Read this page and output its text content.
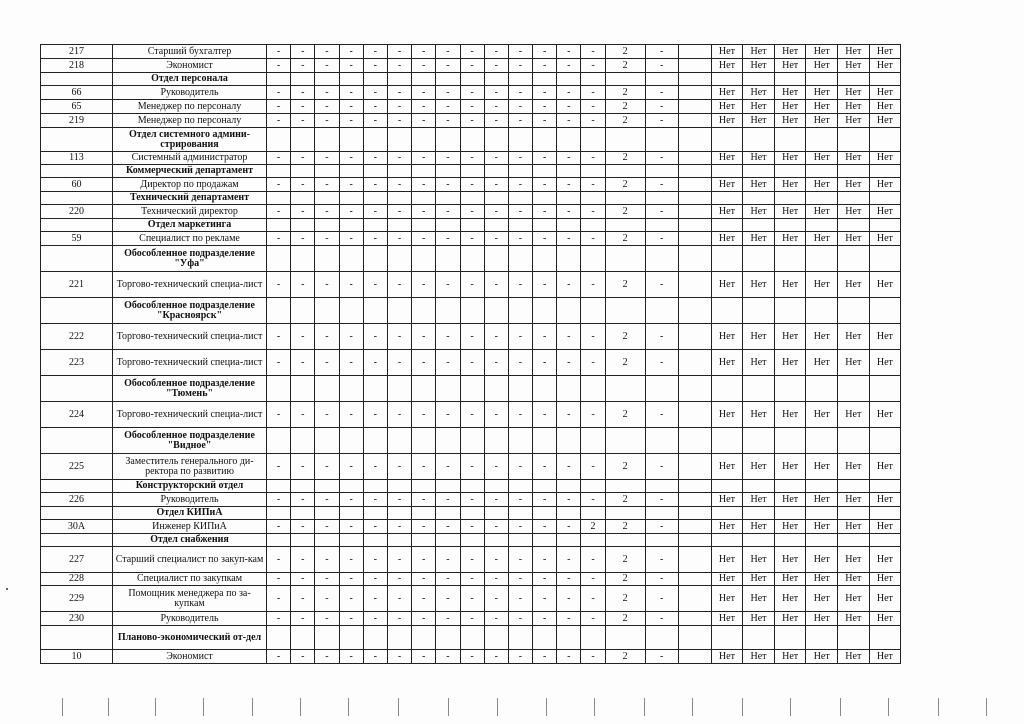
217	Старший бухгалтер	-	-	-	-	-	-	-	-	-	-	-	-	-	-	2	-		Нет	Нет	Нет	Нет	Нет	Нет
218	Экономист	-	-	-	-	-	-	-	-	-	-	-	-	-	-	2	-		Нет	Нет	Нет	Нет	Нет	Нет
	Отдел персонала																							
66	Руководитель	-	-	-	-	-	-	-	-	-	-	-	-	-	-	2	-		Нет	Нет	Нет	Нет	Нет	Нет
65	Менеджер по персоналу	-	-	-	-	-	-	-	-	-	-	-	-	-	-	2	-		Нет	Нет	Нет	Нет	Нет	Нет
219	Менеджер по персоналу	-	-	-	-	-	-	-	-	-	-	-	-	-	-	2	-		Нет	Нет	Нет	Нет	Нет	Нет
	Отдел системного админи-стрирования																							
113	Системный администратор	-	-	-	-	-	-	-	-	-	-	-	-	-	-	2	-		Нет	Нет	Нет	Нет	Нет	Нет
	Коммерческий департамент																							
60	Директор по продажам	-	-	-	-	-	-	-	-	-	-	-	-	-	-	2	-		Нет	Нет	Нет	Нет	Нет	Нет
	Технический департамент																							
220	Технический директор	-	-	-	-	-	-	-	-	-	-	-	-	-	-	2	-		Нет	Нет	Нет	Нет	Нет	Нет
	Отдел маркетинга																							
59	Специалист по рекламе	-	-	-	-	-	-	-	-	-	-	-	-	-	-	2	-		Нет	Нет	Нет	Нет	Нет	Нет
	Обособленное подразделение "Уфа"																							
221	Торгово-технический специа-лист	-	-	-	-	-	-	-	-	-	-	-	-	-	-	2	-		Нет	Нет	Нет	Нет	Нет	Нет
	Обособленное подразделение "Красноярск"																							
222	Торгово-технический специа-лист	-	-	-	-	-	-	-	-	-	-	-	-	-	-	2	-		Нет	Нет	Нет	Нет	Нет	Нет
223	Торгово-технический специа-лист	-	-	-	-	-	-	-	-	-	-	-	-	-	-	2	-		Нет	Нет	Нет	Нет	Нет	Нет
	Обособленное подразделение "Тюмень"																							
224	Торгово-технический специа-лист	-	-	-	-	-	-	-	-	-	-	-	-	-	-	2	-		Нет	Нет	Нет	Нет	Нет	Нет
	Обособленное подразделение "Видное"																							
225	Заместитель генерального ди-ректора по развитию	-	-	-	-	-	-	-	-	-	-	-	-	-	-	2	-		Нет	Нет	Нет	Нет	Нет	Нет
	Конструкторский отдел																							
226	Руководитель	-	-	-	-	-	-	-	-	-	-	-	-	-	-	2	-		Нет	Нет	Нет	Нет	Нет	Нет
	Отдел КИПиА																							
30А	Инженер КИПиА	-	-	-	-	-	-	-	-	-	-	-	-	-	2	2	-		Нет	Нет	Нет	Нет	Нет	Нет
	Отдел снабжения																							
227	Старший специалист по закуп-кам	-	-	-	-	-	-	-	-	-	-	-	-	-	-	2	-		Нет	Нет	Нет	Нет	Нет	Нет
228	Специалист по закупкам	-	-	-	-	-	-	-	-	-	-	-	-	-	-	2	-		Нет	Нет	Нет	Нет	Нет	Нет
229	Помощник менеджера по за-купкам	-	-	-	-	-	-	-	-	-	-	-	-	-	-	2	-		Нет	Нет	Нет	Нет	Нет	Нет
230	Руководитель	-	-	-	-	-	-	-	-	-	-	-	-	-	-	2	-		Нет	Нет	Нет	Нет	Нет	Нет
	Планово-экономический от-дел																							
10	Экономист	-	-	-	-	-	-	-	-	-	-	-	-	-	-	2	-		Нет	Нет	Нет	Нет	Нет	Нет
